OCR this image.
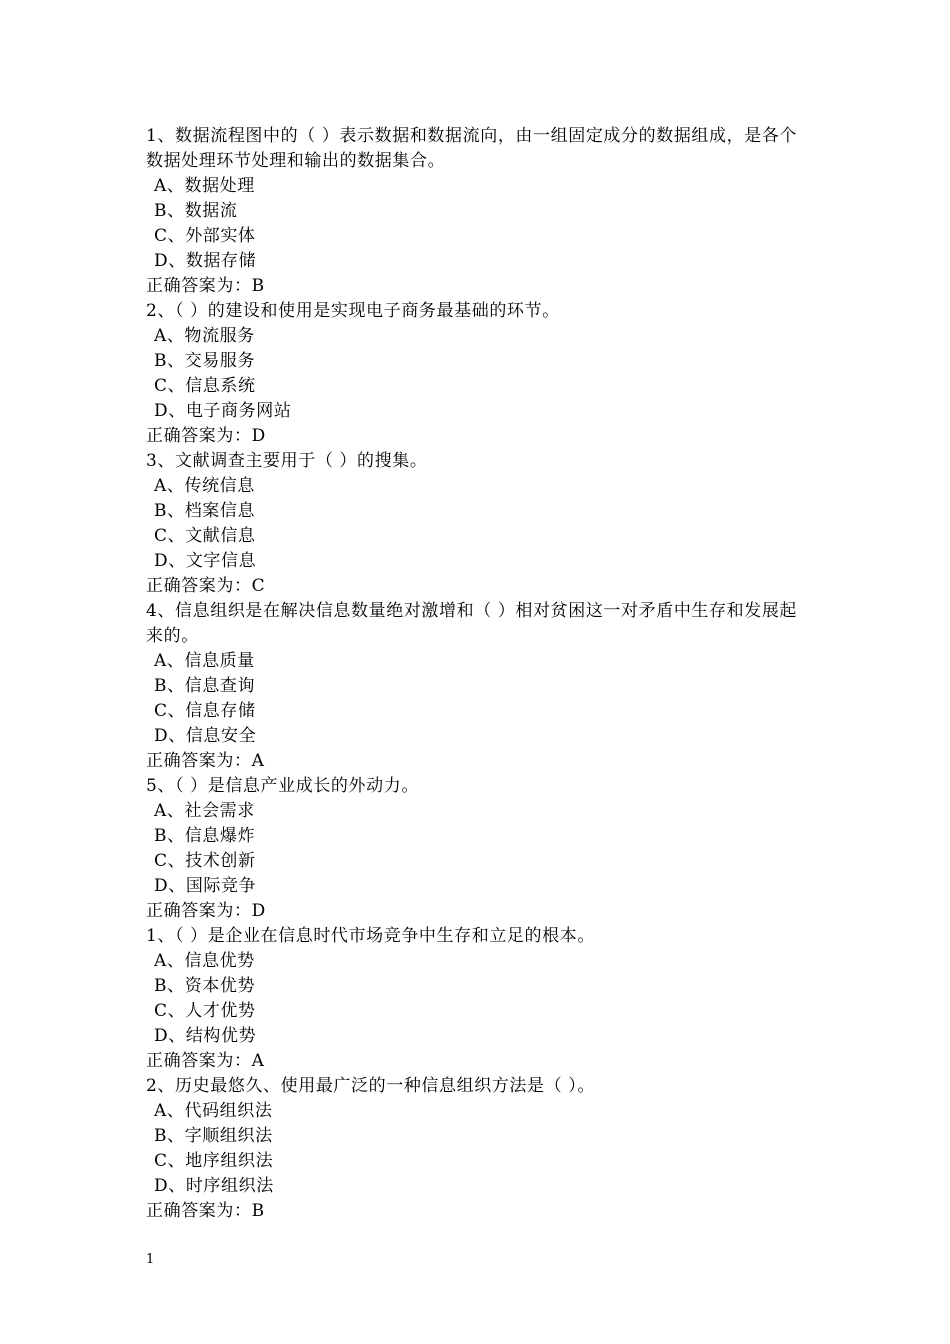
1、数据流程图中的（ ）表示数据和数据流向，由一组固定成分的数据组成，是各个数据处理环节处理和输出的数据集合。

A、数据处理

B、数据流

C、外部实体

D、数据存储

正确答案为：B

2、（ ）的建设和使用是实现电子商务最基础的环节。

A、物流服务

B、交易服务

C、信息系统

D、电子商务网站

正确答案为：D

3、文献调查主要用于（ ）的搜集。

A、传统信息

B、档案信息

C、文献信息

D、文字信息

正确答案为：C

4、信息组织是在解决信息数量绝对激增和（ ）相对贫困这一对矛盾中生存和发展起来的。

A、信息质量

B、信息查询

C、信息存储

D、信息安全

正确答案为：A

5、（ ）是信息产业成长的外动力。

A、社会需求

B、信息爆炸

C、技术创新

D、国际竞争

正确答案为：D

1、（ ）是企业在信息时代市场竞争中生存和立足的根本。

A、信息优势

B、资本优势

C、人才优势

D、结构优势

正确答案为：A

2、历史最悠久、使用最广泛的一种信息组织方法是（ ）。

A、代码组织法

B、字顺组织法

C、地序组织法

D、时序组织法

正确答案为：B

1
